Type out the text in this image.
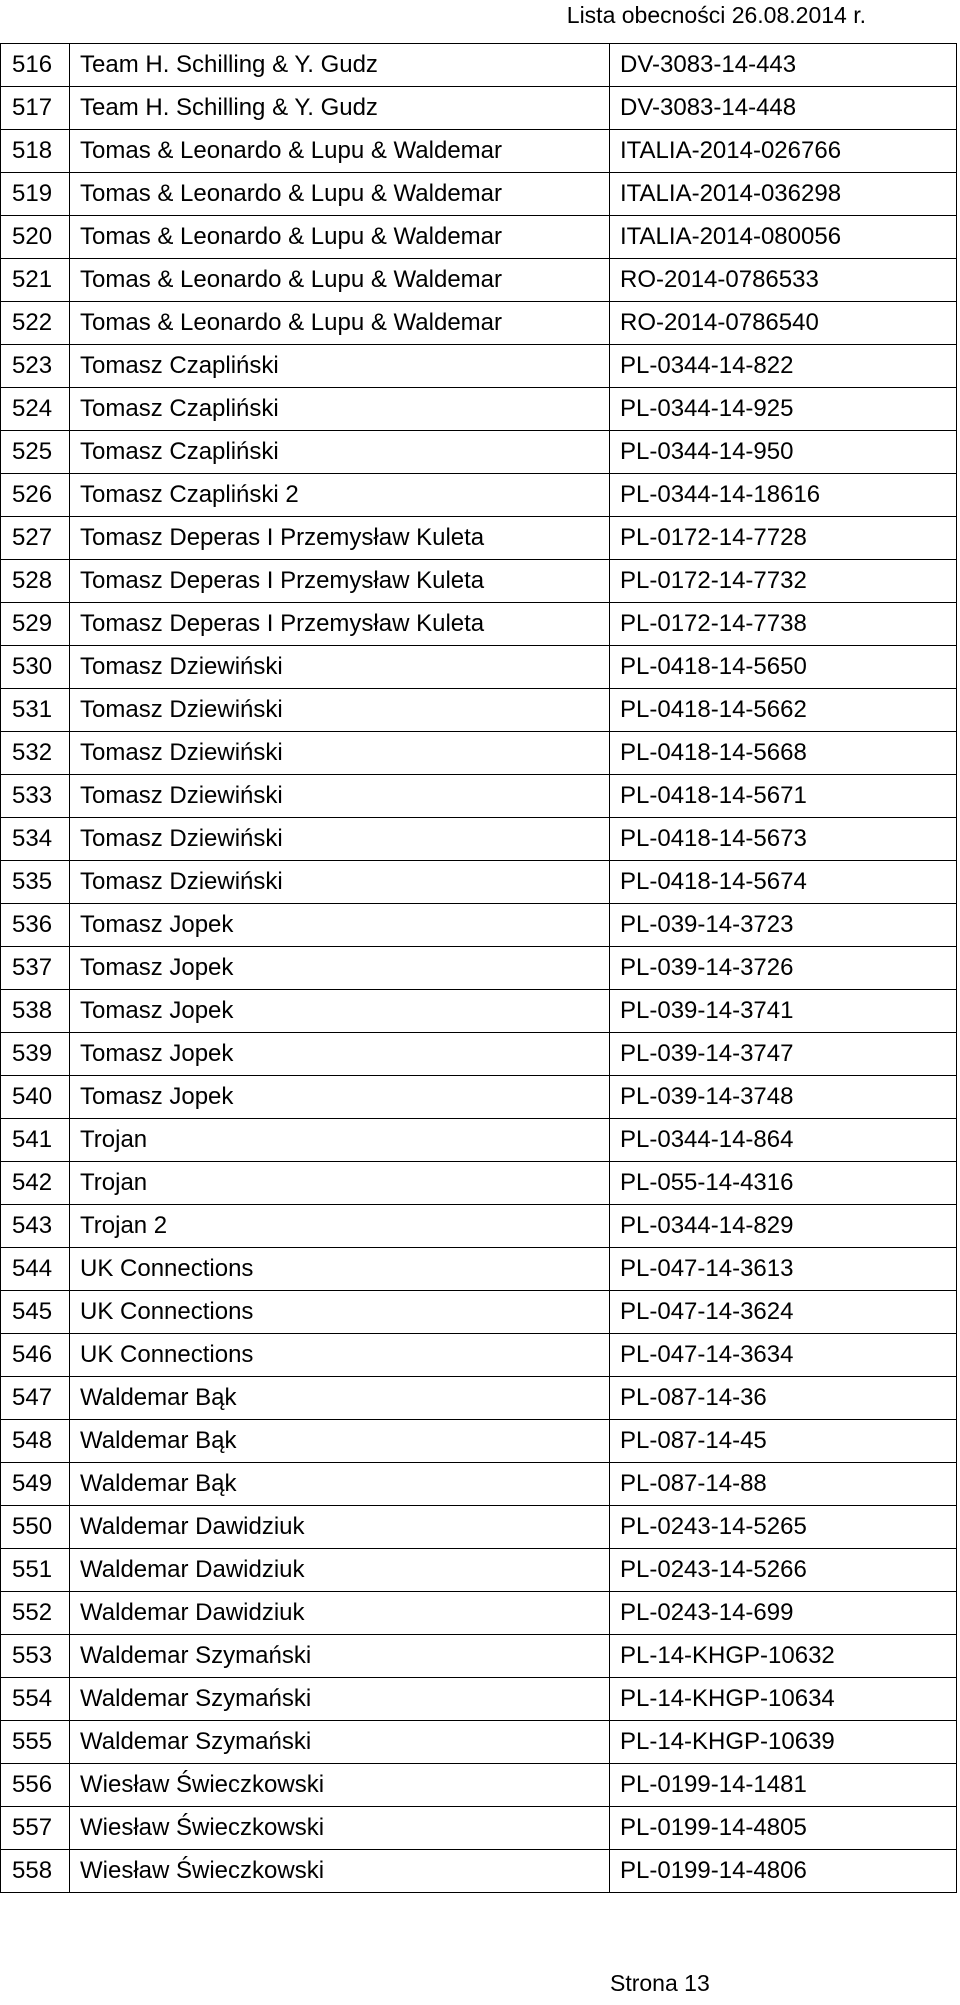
Lista obecności 26.08.2014 r.
516	Team H. Schilling & Y. Gudz	DV-3083-14-443
517	Team H. Schilling & Y. Gudz	DV-3083-14-448
518	Tomas & Leonardo & Lupu & Waldemar	ITALIA-2014-026766
519	Tomas & Leonardo & Lupu & Waldemar	ITALIA-2014-036298
520	Tomas & Leonardo & Lupu & Waldemar	ITALIA-2014-080056
521	Tomas & Leonardo & Lupu & Waldemar	RO-2014-0786533
522	Tomas & Leonardo & Lupu & Waldemar	RO-2014-0786540
523	Tomasz Czapliński	PL-0344-14-822
524	Tomasz Czapliński	PL-0344-14-925
525	Tomasz Czapliński	PL-0344-14-950
526	Tomasz Czapliński 2	PL-0344-14-18616
527	Tomasz Deperas I Przemysław Kuleta	PL-0172-14-7728
528	Tomasz Deperas I Przemysław Kuleta	PL-0172-14-7732
529	Tomasz Deperas I Przemysław Kuleta	PL-0172-14-7738
530	Tomasz Dziewiński	PL-0418-14-5650
531	Tomasz Dziewiński	PL-0418-14-5662
532	Tomasz Dziewiński	PL-0418-14-5668
533	Tomasz Dziewiński	PL-0418-14-5671
534	Tomasz Dziewiński	PL-0418-14-5673
535	Tomasz Dziewiński	PL-0418-14-5674
536	Tomasz Jopek	PL-039-14-3723
537	Tomasz Jopek	PL-039-14-3726
538	Tomasz Jopek	PL-039-14-3741
539	Tomasz Jopek	PL-039-14-3747
540	Tomasz Jopek	PL-039-14-3748
541	Trojan	PL-0344-14-864
542	Trojan	PL-055-14-4316
543	Trojan 2	PL-0344-14-829
544	UK Connections	PL-047-14-3613
545	UK Connections	PL-047-14-3624
546	UK Connections	PL-047-14-3634
547	Waldemar Bąk	PL-087-14-36
548	Waldemar Bąk	PL-087-14-45
549	Waldemar Bąk	PL-087-14-88
550	Waldemar Dawidziuk	PL-0243-14-5265
551	Waldemar Dawidziuk	PL-0243-14-5266
552	Waldemar Dawidziuk	PL-0243-14-699
553	Waldemar Szymański	PL-14-KHGP-10632
554	Waldemar Szymański	PL-14-KHGP-10634
555	Waldemar Szymański	PL-14-KHGP-10639
556	Wiesław Świeczkowski	PL-0199-14-1481
557	Wiesław Świeczkowski	PL-0199-14-4805
558	Wiesław Świeczkowski	PL-0199-14-4806
Strona 13
